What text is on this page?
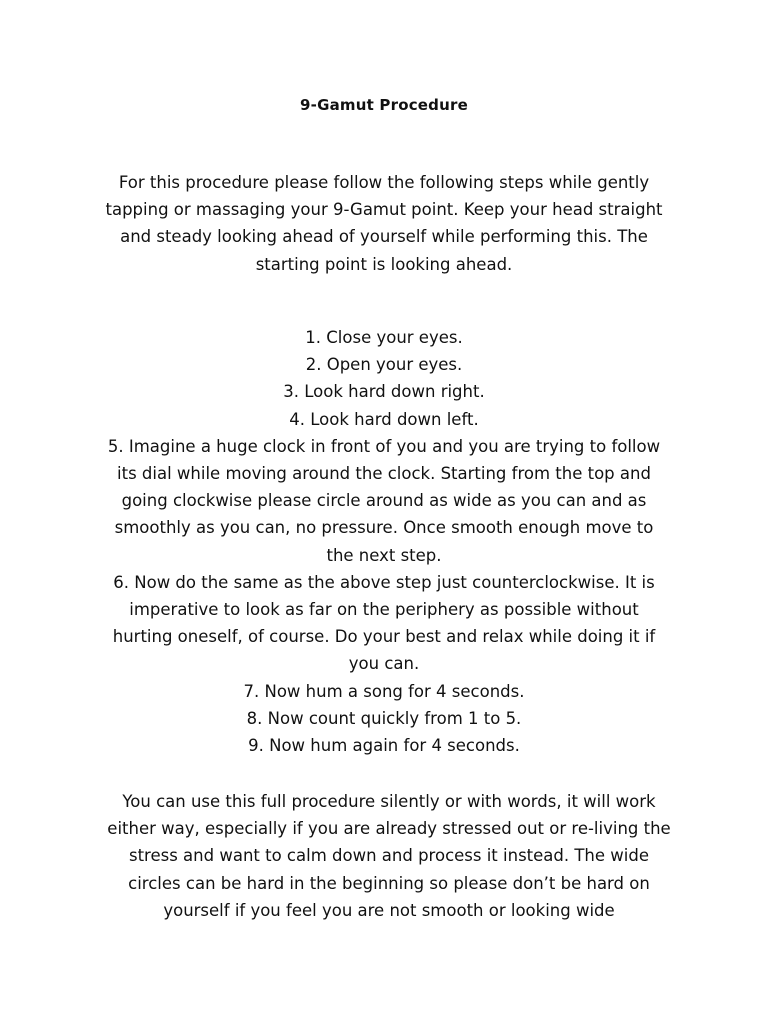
9-Gamut Procedure
For this procedure please follow the following steps while gently tapping or massaging your 9-Gamut point. Keep your head straight and steady looking ahead of yourself while performing this. The starting point is looking ahead.
1. Close your eyes.
2. Open your eyes.
3. Look hard down right.
4. Look hard down left.
5. Imagine a huge clock in front of you and you are trying to follow its dial while moving around the clock. Starting from the top and going clockwise please circle around as wide as you can and as smoothly as you can, no pressure. Once smooth enough move to the next step.
6. Now do the same as the above step just counterclockwise. It is imperative to look as far on the periphery as possible without hurting oneself, of course. Do your best and relax while doing it if you can.
7. Now hum a song for 4 seconds.
8. Now count quickly from 1 to 5.
9. Now hum again for 4 seconds.
You can use this full procedure silently or with words, it will work either way, especially if you are already stressed out or re-living the stress and want to calm down and process it instead. The wide circles can be hard in the beginning so please don’t be hard on yourself if you feel you are not smooth or looking wide
